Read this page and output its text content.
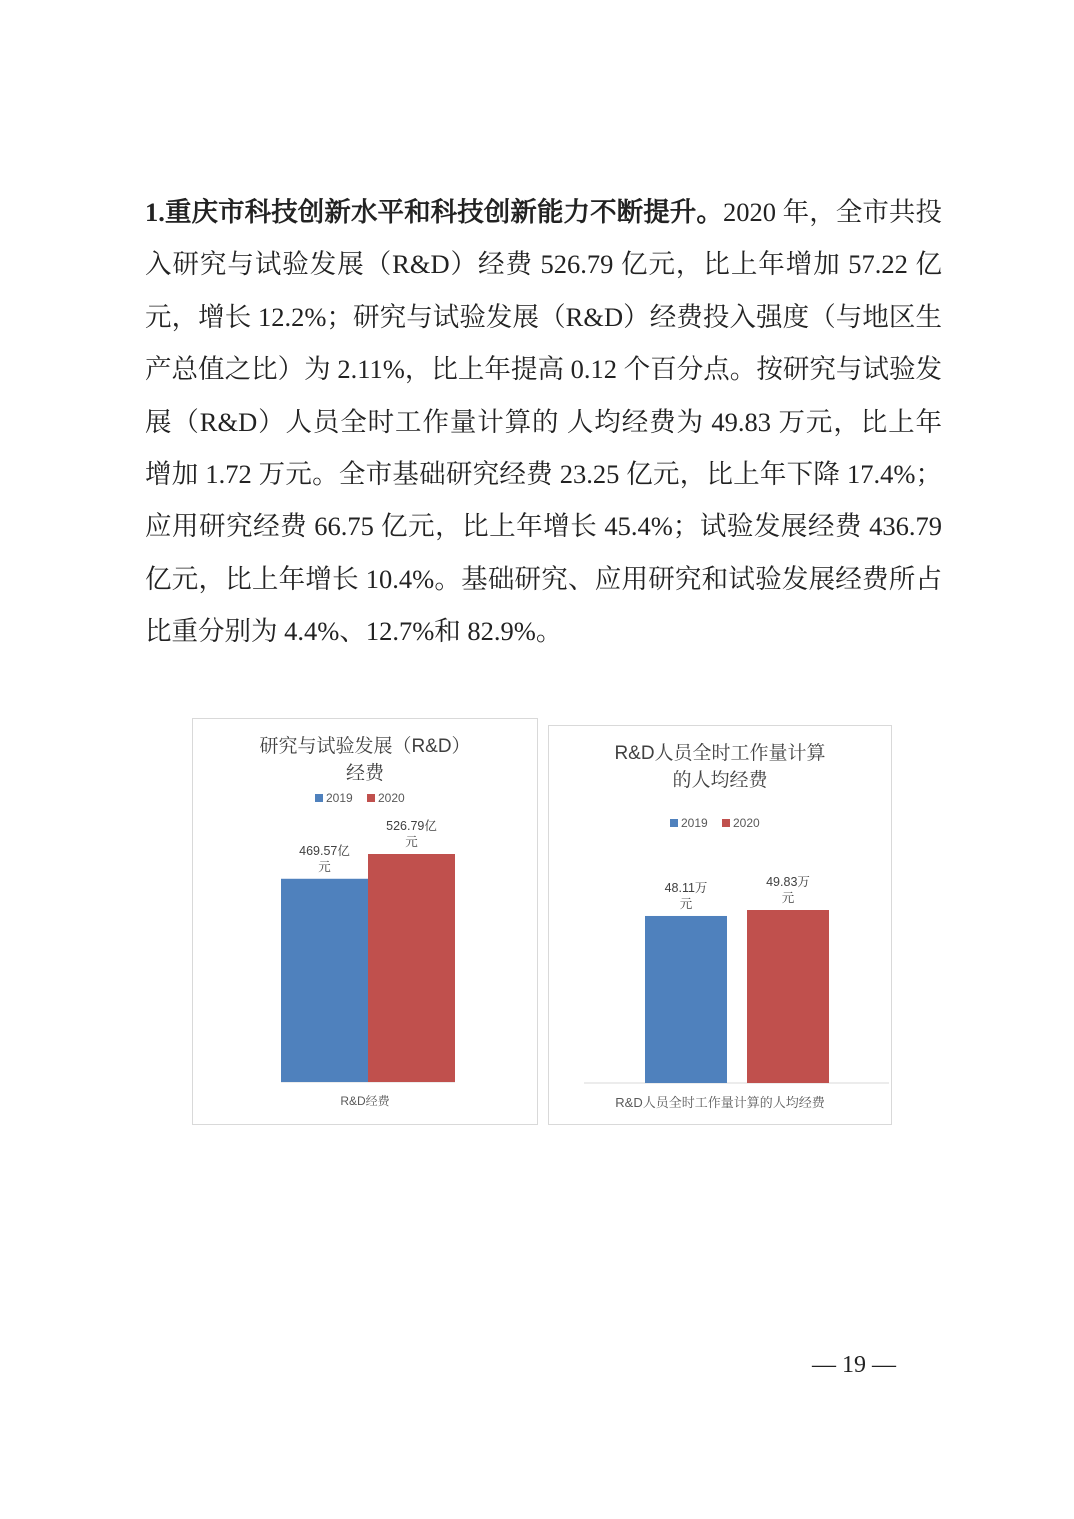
1.重庆市科技创新水平和科技创新能力不断提升。2020 年，全市共投入研究与试验发展（R&D）经费 526.79 亿元，比上年增加 57.22 亿元，增长 12.2%；研究与试验发展（R&D）经费投入强度（与地区生产总值之比）为 2.11%，比上年提高 0.12 个百分点。按研究与试验发展（R&D）人员全时工作量计算的 人均经费为 49.83 万元，比上年增加 1.72 万元。全市基础研究经费 23.25 亿元，比上年下降 17.4%；应用研究经费 66.75 亿元，比上年增长 45.4%；试验发展经费 436.79 亿元，比上年增长 10.4%。基础研究、应用研究和试验发展经费所占比重分别为 4.4%、12.7%和 82.9%。

研究与试验发展（R&D）
经费
2019 2020
469.57亿
元
526.79亿
元
R&D经费
R&D人员全时工作量计算
的人均经费
2019 2020
48.11万
元
49.83万
元
R&D人员全时工作量计算的人均经费
— 19 —
